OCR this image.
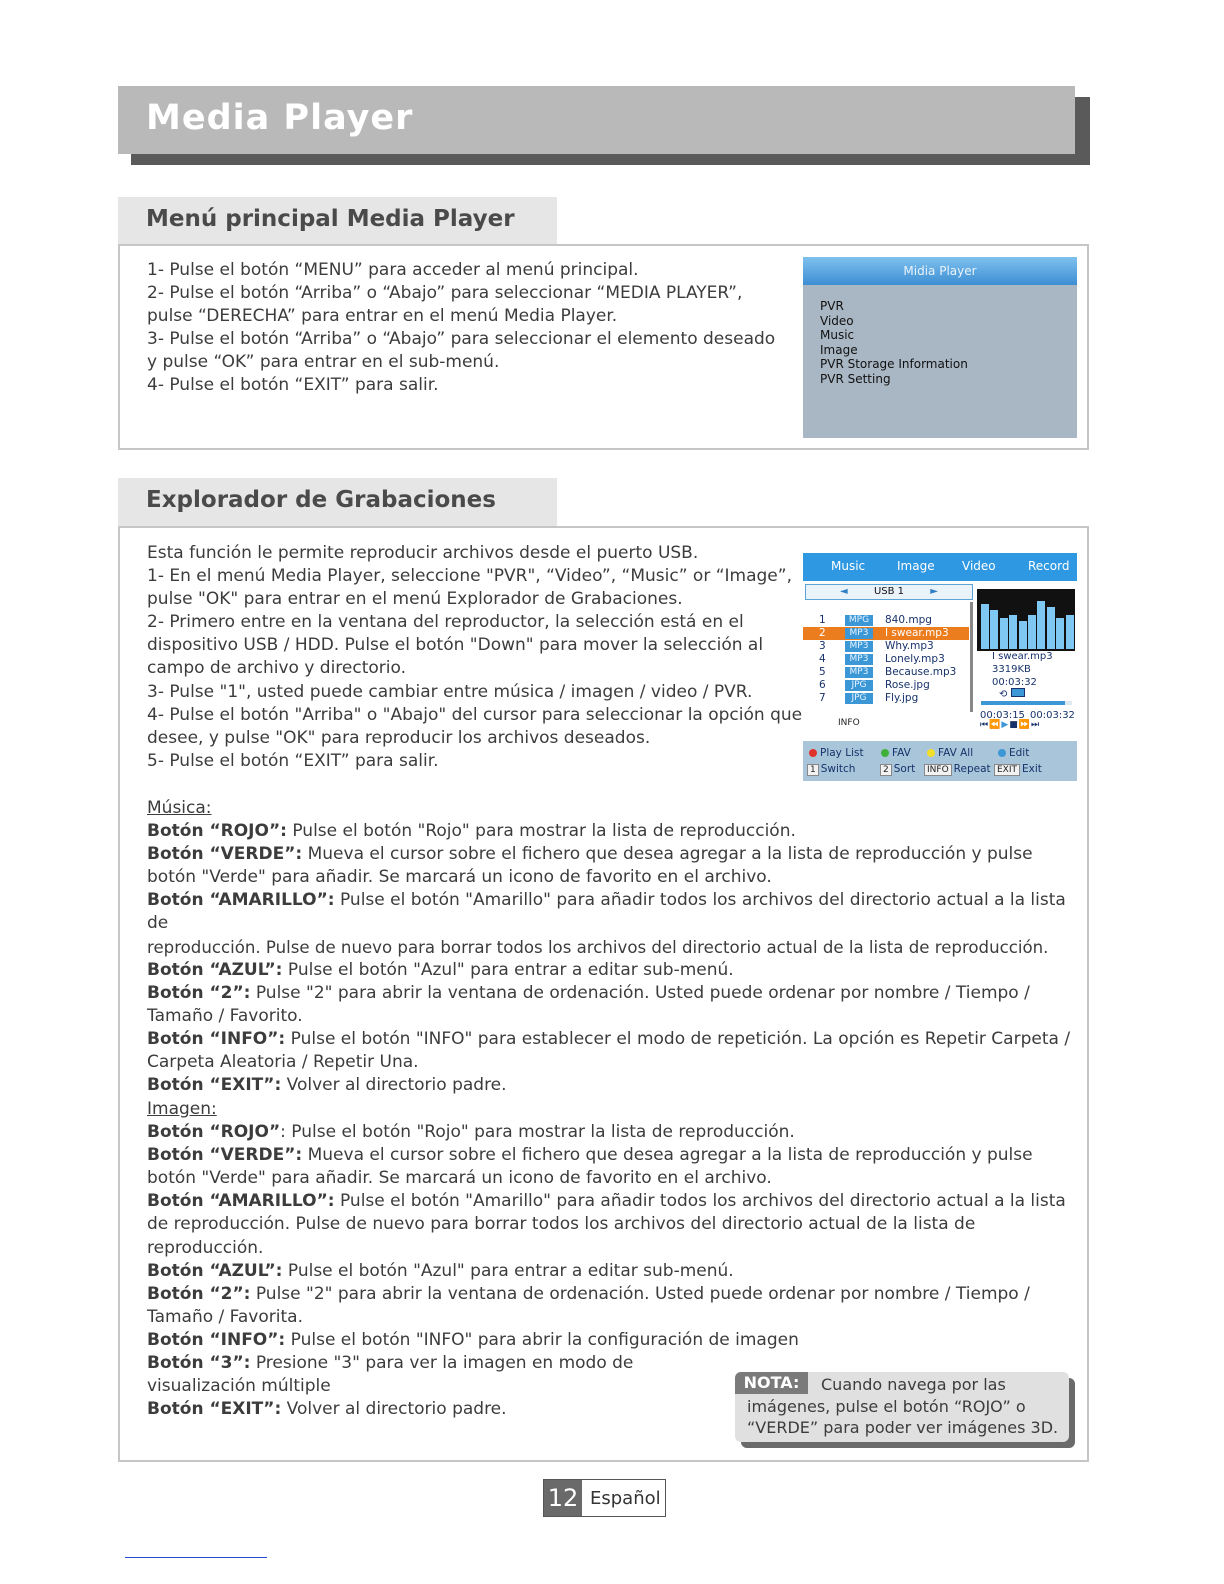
Media Player
Menú principal Media Player

1- Pulse el botón “MENU” para acceder al menú principal.

2- Pulse el botón “Arriba” o “Abajo” para seleccionar “MEDIA PLAYER”,

pulse “DERECHA” para entrar en el menú Media Player.

3- Pulse el botón “Arriba” o “Abajo” para seleccionar el elemento deseado

y pulse “OK” para entrar en el sub-menú.

4- Pulse el botón “EXIT” para salir.

Midia Player
PVR
Video
Music
Image
PVR Storage Information
PVR Setting
Explorador de Grabaciones

Esta función le permite reproducir archivos desde el puerto USB.

1- En el menú Media Player, seleccione "PVR", “Video”, “Music” or “Image”,

pulse "OK" para entrar en el menú Explorador de Grabaciones.

2- Primero entre en la ventana del reproductor, la selección está en el

dispositivo USB / HDD. Pulse el botón "Down" para mover la selección al

campo de archivo y directorio.

3- Pulse "1", usted puede cambiar entre música / imagen / video / PVR.

4- Pulse el botón "Arriba" o "Abajo" del cursor para seleccionar la opción que

desee, y pulse "OK" para reproducir los archivos deseados.

5- Pulse el botón “EXIT” para salir.

Music	Image Video	Record
◄	USB 1	►
1	MPG	840.mpg
2	MP3	I swear.mp3
3	MP3	Why.mp3
4	MP3	Lonely.mp3
5	MP3	Because.mp3
6	JPG	Rose.jpg
7	JPG	Fly.jpg
INFO
I swear.mp3
3319KB
00:03:32
⟲
00:03:15 00:03:32
⏮⏪▶■⏩⏭
Play List	FAV	FAV All	Edit
1 Switch	2 Sort	INFO Repeat EXIT Exit

Música:

Botón “ROJO”: Pulse el botón "Rojo" para mostrar la lista de reproducción.

Botón “VERDE”: Mueva el cursor sobre el fichero que desea agregar a la lista de reproducción y pulse

botón "Verde" para añadir. Se marcará un icono de favorito en el archivo.

Botón “AMARILLO”: Pulse el botón "Amarillo" para añadir todos los archivos del directorio actual a la lista de

reproducción. Pulse de nuevo para borrar todos los archivos del directorio actual de la lista de reproducción.

Botón “AZUL”: Pulse el botón "Azul" para entrar a editar sub-menú.

Botón “2”: Pulse "2" para abrir la ventana de ordenación. Usted puede ordenar por nombre / Tiempo /

Tamaño / Favorito.

Botón “INFO”: Pulse el botón "INFO" para establecer el modo de repetición. La opción es Repetir Carpeta /

Carpeta Aleatoria / Repetir Una.

Botón “EXIT”: Volver al directorio padre.

Imagen:

Botón “ROJO”: Pulse el botón "Rojo" para mostrar la lista de reproducción.

Botón “VERDE”: Mueva el cursor sobre el fichero que desea agregar a la lista de reproducción y pulse

botón "Verde" para añadir. Se marcará un icono de favorito en el archivo.

Botón “AMARILLO”: Pulse el botón "Amarillo" para añadir todos los archivos del directorio actual a la lista

de reproducción. Pulse de nuevo para borrar todos los archivos del directorio actual de la lista de

reproducción.

Botón “AZUL”: Pulse el botón "Azul" para entrar a editar sub-menú.

Botón “2”: Pulse "2" para abrir la ventana de ordenación. Usted puede ordenar por nombre / Tiempo /

Tamaño / Favorita.

Botón “INFO”: Pulse el botón "INFO" para abrir la configuración de imagen

Botón “3”: Presione "3" para ver la imagen en modo de

visualización múltiple

Botón “EXIT”: Volver al directorio padre.

Cuando navega por las imágenes, pulse el botón “ROJO” o “VERDE” para poder ver imágenes 3D.
NOTA:
12 Español
